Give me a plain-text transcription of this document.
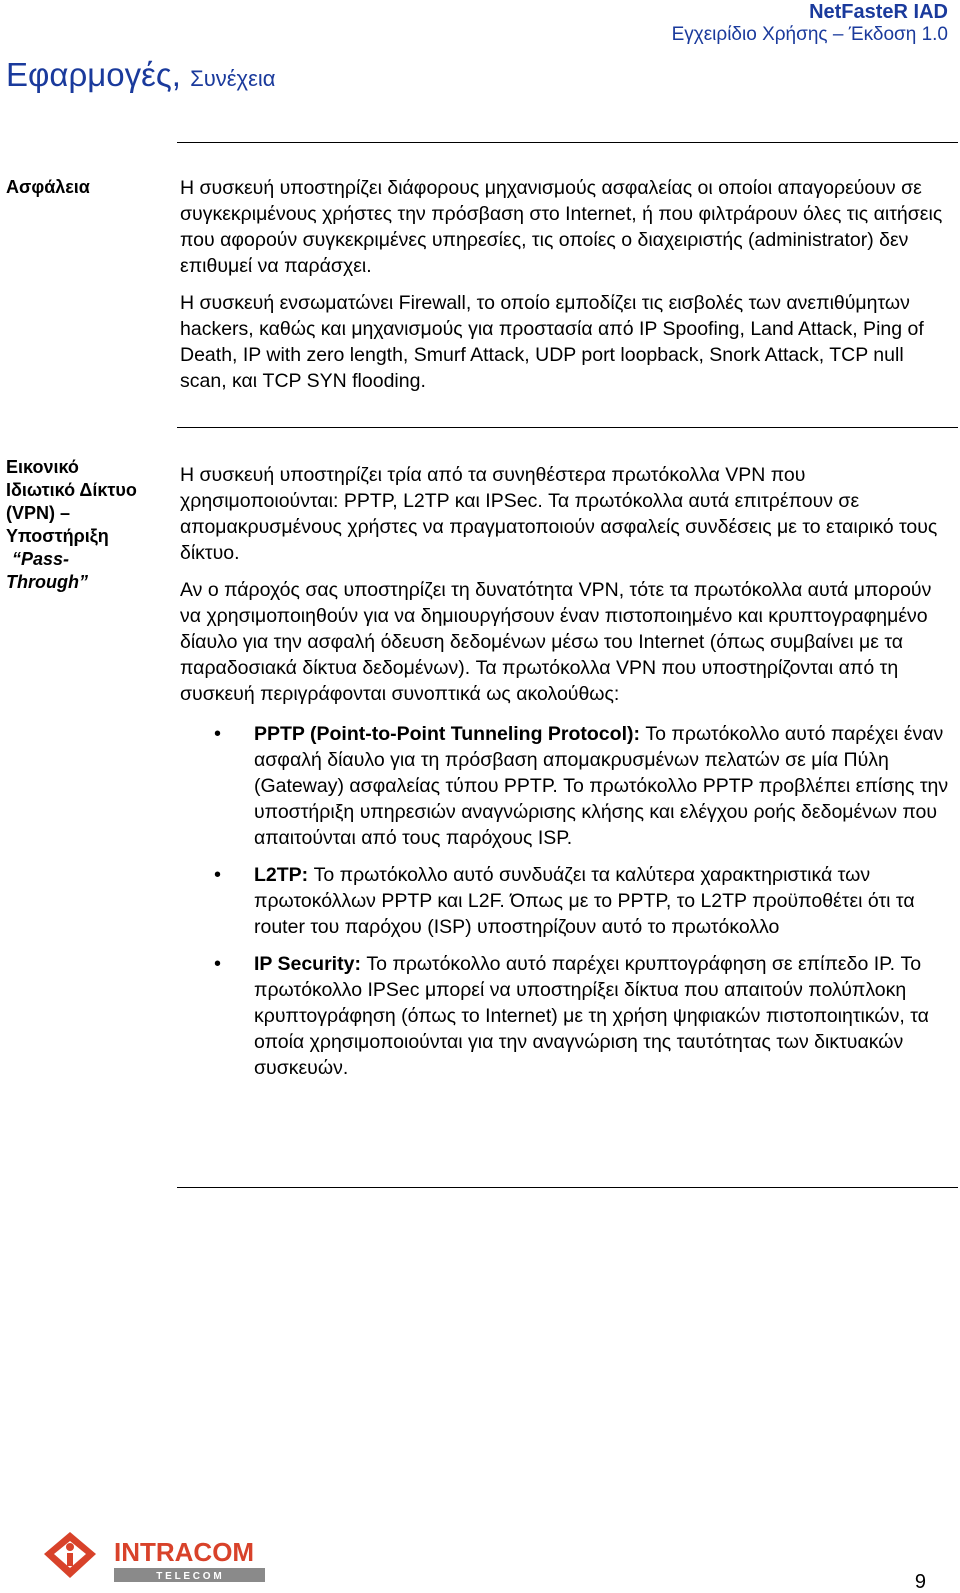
NetFasteR IAD
Εγχειρίδιο Χρήσης – Έκδοση 1.0
Εφαρμογές, Συνέχεια
Ασφάλεια	Η συσκευή υποστηρίζει διάφορους μηχανισμούς ασφαλείας οι οποίοι απαγορεύουν σε συγκεκριμένους χρήστες την πρόσβαση στο Internet, ή που φιλτράρουν όλες τις αιτήσεις που αφορούν συγκεκριμένες υπηρεσίες, τις οποίες ο διαχειριστής (administrator) δεν επιθυμεί να παράσχει.

Η συσκευή ενσωματώνει Firewall, το οποίο εμποδίζει τις εισβολές των ανεπιθύμητων hackers, καθώς και μηχανισμούς για προστασία από IP Spoofing, Land Attack, Ping of Death, IP with zero length, Smurf Attack, UDP port loopback, Snork Attack, TCP null scan, και TCP SYN flooding.

Εικονικό
Ιδιωτικό Δίκτυο
(VPN) –
Υποστήριξη
“Pass-
Through”

Η συσκευή υποστηρίζει τρία από τα συνηθέστερα πρωτόκολλα VPN που χρησιμοποιούνται: PPTP, L2TP και IPSec. Τα πρωτόκολλα αυτά επιτρέπουν σε απομακρυσμένους χρήστες να πραγματοποιούν ασφαλείς συνδέσεις με το εταιρικό τους δίκτυο.

Αν ο πάροχός σας υποστηρίζει τη δυνατότητα VPN, τότε τα πρωτόκολλα αυτά μπορούν να χρησιμοποιηθούν για να δημιουργήσουν έναν πιστοποιημένο και κρυπτογραφημένο δίαυλο για την ασφαλή όδευση δεδομένων μέσω του Internet (όπως συμβαίνει με τα παραδοσιακά δίκτυα δεδομένων). Τα πρωτόκολλα VPN που υποστηρίζονται από τη συσκευή περιγράφονται συνοπτικά ως ακολούθως:

• PPTP (Point-to-Point Tunneling Protocol): Το πρωτόκολλο αυτό παρέχει έναν ασφαλή δίαυλο για τη πρόσβαση απομακρυσμένων πελατών σε μία Πύλη (Gateway) ασφαλείας τύπου PPTP. Το πρωτόκολλο PPTP προβλέπει επίσης την υποστήριξη υπηρεσιών αναγνώρισης κλήσης και ελέγχου ροής δεδομένων που απαιτούνται από τους παρόχους ISP.
• L2TP: Το πρωτόκολλο αυτό συνδυάζει τα καλύτερα χαρακτηριστικά των πρωτοκόλλων PPTP και L2F. Όπως με το PPTP, το L2TP προϋποθέτει ότι τα router του παρόχου (ISP) υποστηρίζουν αυτό το πρωτόκολλο
• IP Security: Το πρωτόκολλο αυτό παρέχει κρυπτογράφηση σε επίπεδο IP. Το πρωτόκολλο IPSec μπορεί να υποστηρίξει δίκτυα που απαιτούν πολύπλοκη κρυπτογράφηση (όπως το Internet) με τη χρήση ψηφιακών πιστοποιητικών, τα οποία χρησιμοποιούνται για την αναγνώριση της ταυτότητας των δικτυακών συσκευών.
INTRACOM
T E L E C O M	9
